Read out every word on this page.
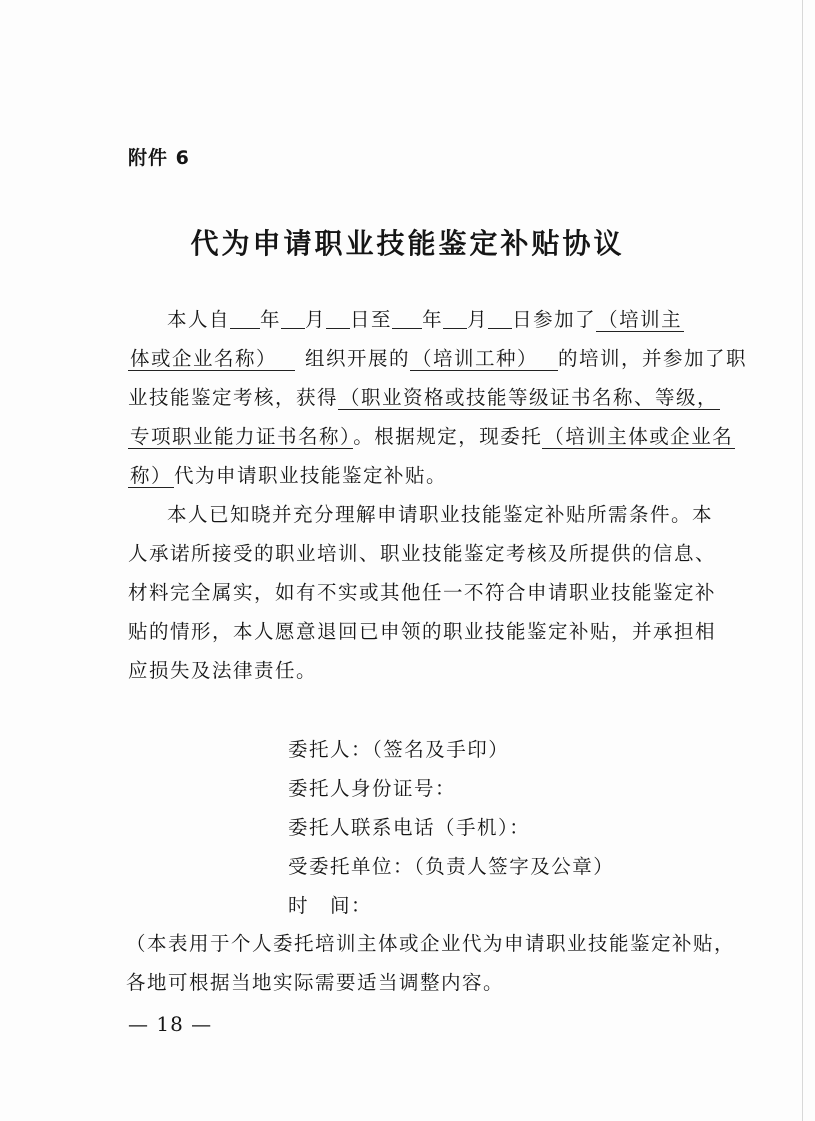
附件 6
代为申请职业技能鉴定补贴协议
本人自 年 月 日至 年 月 日参加了 （培训主
体或企业名称） 组织开展的 （培训工种） 的培训，并参加了职
业技能鉴定考核，获得 （职业资格或技能等级证书名称、等级，
专项职业能力证书名称） 。根据规定，现委托 （培训主体或企业名
称） 代为申请职业技能鉴定补贴。
本人已知晓并充分理解申请职业技能鉴定补贴所需条件。本
人承诺所接受的职业培训、职业技能鉴定考核及所提供的信息、
材料完全属实，如有不实或其他任一不符合申请职业技能鉴定补
贴的情形，本人愿意退回已申领的职业技能鉴定补贴，并承担相
应损失及法律责任。
委托人：（签名及手印）
委托人身份证号：
委托人联系电话（手机）：
受委托单位：（负责人签字及公章）
时　间：
（本表用于个人委托培训主体或企业代为申请职业技能鉴定补贴，
各地可根据当地实际需要适当调整内容。
— 18 —
